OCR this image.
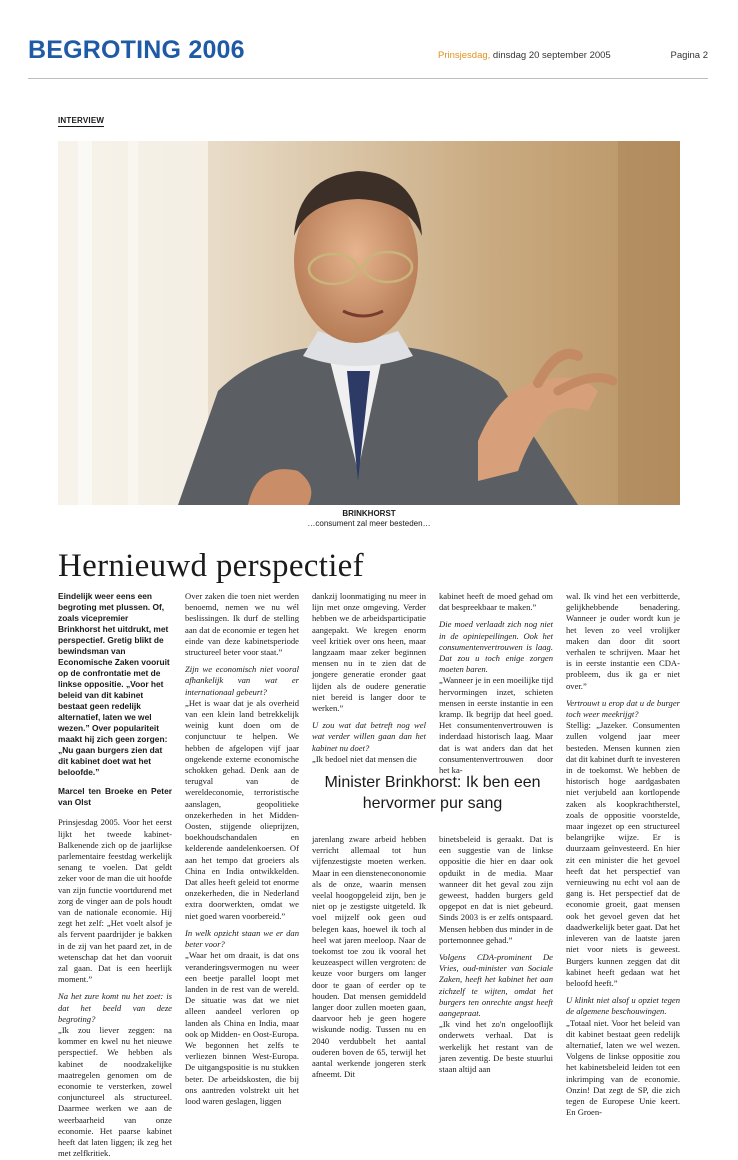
BEGROTING 2006	Prinsjesdag, dinsdag 20 september 2005	Pagina 2
INTERVIEW
BRINKHORST
…consument zal meer besteden…
Hernieuwd perspectief

Eindelijk weer eens een begroting met plussen. Of, zoals vicepremier Brinkhorst het uitdrukt, met perspectief. Gretig blikt de bewindsman van Economische Zaken vooruit op de confrontatie met de linkse oppositie. „Voor het beleid van dit kabinet bestaat geen redelijk alternatief, laten we wel wezen.” Over populariteit maakt hij zich geen zorgen: „Nu gaan burgers zien dat dit kabinet doet wat het beloofde.”

Marcel ten Broeke en Peter van Olst

Prinsjesdag 2005. Voor het eerst lijkt het tweede kabinet-Balkenende zich op de jaarlijkse parlementaire feestdag werkelijk senang te voelen. Dat geldt zeker voor de man die uit hoofde van zijn functie voortdurend met zorg de vinger aan de pols houdt van de nationale economie. Hij zegt het zelf: „Het voelt alsof je als fervent paardrijder je bakken in de zij van het paard zet, in de wetenschap dat het dan vooruit zal gaan. Dat is een heerlijk moment.”

Na het zure komt nu het zoet: is dat het beeld van deze begroting?

„Ik zou liever zeggen: na kommer en kwel nu het nieuwe perspectief. We hebben als kabinet de noodzakelijke maatregelen genomen om de economie te versterken, zowel conjunctureel als structureel. Daarmee werken we aan de weerbaarheid van onze economie. Het paarse kabinet heeft dat laten liggen; ik zeg het met zelfkritiek.

Over zaken die toen niet werden benoemd, nemen we nu wél beslissingen. Ik durf de stelling aan dat de economie er tegen het einde van deze kabinetsperiode structureel beter voor staat.”

Zijn we economisch niet vooral afhankelijk van wat er internationaal gebeurt?

„Het is waar dat je als overheid van een klein land betrekkelijk weinig kunt doen om de conjunctuur te helpen. We hebben de afgelopen vijf jaar ongekende externe economische schokken gehad. Denk aan de terugval van de wereldeconomie, terroristische aanslagen, geopolitieke onzekerheden in het Midden-Oosten, stijgende olieprijzen, boekhoudschandalen en kelderende aandelenkoersen. Of aan het tempo dat groeiers als China en India ontwikkelden. Dat alles heeft geleid tot enorme onzekerheden, die in Nederland extra doorwerkten, omdat we niet goed waren voorbereid.”

In welk opzicht staan we er dan beter voor?

„Waar het om draait, is dat ons veranderingsvermogen nu weer een beetje parallel loopt met landen in de rest van de wereld. De situatie was dat we niet alleen aandeel verloren op landen als China en India, maar ook op Midden- en Oost-Europa. We begonnen het zelfs te verliezen binnen West-Europa. De uitgangspositie is nu stukken beter. De arbeidskosten, die bij ons aantreden volstrekt uit het lood waren geslagen, liggen

dankzij loonmatiging nu meer in lijn met onze omgeving. Verder hebben we de arbeidsparticipatie aangepakt. We kregen enorm veel kritiek over ons heen, maar langzaam maar zeker beginnen mensen nu in te zien dat de jongere generatie eronder gaat lijden als de oudere generatie niet bereid is langer door te werken.”

U zou wat dat betreft nog wel wat verder willen gaan dan het kabinet nu doet?

„Ik bedoel niet dat mensen die

kabinet heeft de moed gehad om dat bespreekbaar te maken.”

Die moed verlaadt zich nog niet in de opiniepeilingen. Ook het consumentenvertrouwen is laag. Dat zou u toch enige zorgen moeten baren.

„Wanneer je in een moeilijke tijd hervormingen inzet, schieten mensen in eerste instantie in een kramp. Ik begrijp dat heel goed. Het consumentenvertrouwen is inderdaad historisch laag. Maar dat is wat anders dan dat het consumentenvertrouwen door het ka-

Minister Brinkhorst: Ik ben een hervormer pur sang

jarenlang zware arbeid hebben verricht allemaal tot hun vijfenzestigste moeten werken. Maar in een dienstenecononomie als de onze, waarin mensen veelal hoogopgeleid zijn, ben je niet op je zestigste uitgeteld. Ik voel mijzelf ook geen oud belegen kaas, hoewel ik toch al heel wat jaren meeloop. Naar de toekomst toe zou ik vooral het keuzeaspect willen vergroten: de keuze voor burgers om langer door te gaan of eerder op te houden. Dat mensen gemiddeld langer door zullen moeten gaan, daarvoor heb je geen hogere wiskunde nodig. Tussen nu en 2040 verdubbelt het aantal ouderen boven de 65, terwijl het aantal werkende jongeren sterk afneemt. Dit

binetsbeleid is geraakt. Dat is een suggestie van de linkse oppositie die hier en daar ook opduikt in de media. Maar wanneer dit het geval zou zijn geweest, hadden burgers geld opgepot en dat is niet gebeurd. Sinds 2003 is er zelfs ontspaard. Mensen hebben dus minder in de portemonnee gehad.”

Volgens CDA-prominent De Vries, oud-minister van Sociale Zaken, heeft het kabinet het aan zichzelf te wijten, omdat het burgers ten onrechte angst heeft aangepraat.

„Ik vind het zo'n ongelooflijk onderwets verhaal. Dat is werkelijk het restant van de jaren zeventig. De beste stuurlui staan altijd aan

wal. Ik vind het een verbitterde, gelijkhebbende benadering. Wanneer je ouder wordt kun je het leven zo veel vrolijker maken dan door dit soort verhalen te schrijven. Maar het is in eerste instantie een CDA-probleem, dus ik ga er niet over.”

Vertrouwt u erop dat u de burger toch weer meekrijgt?

Stellig: „Jazeker. Consumenten zullen volgend jaar meer besteden. Mensen kunnen zien dat dit kabinet durft te investeren in de toekomst. We hebben de historisch hoge aardgasbaten niet verjubeld aan kortlopende zaken als koopkrachtherstel, zoals de oppositie voorstelde, maar ingezet op een structureel belangrijke wijze. Er is duurzaam geïnvesteerd. En hier zit een minister die het gevoel heeft dat het perspectief van vernieuwing nu echt vol aan de gang is. Het perspectief dat de economie groeit, gaat mensen ook het gevoel geven dat het daadwerkelijk beter gaat. Dat het inleveren van de laatste jaren niet voor niets is geweest. Burgers kunnen zeggen dat dit kabinet heeft gedaan wat het beloofd heeft.”

U klinkt niet alsof u opziet tegen de algemene beschouwingen.

„Totaal niet. Voor het beleid van dit kabinet bestaat geen redelijk alternatief, laten we wel wezen. Volgens de linkse oppositie zou het kabinetsbeleid leiden tot een inkrimping van de economie. Onzin! Dat zegt de SP, die zich tegen de Europese Unie keert. En Groen-
